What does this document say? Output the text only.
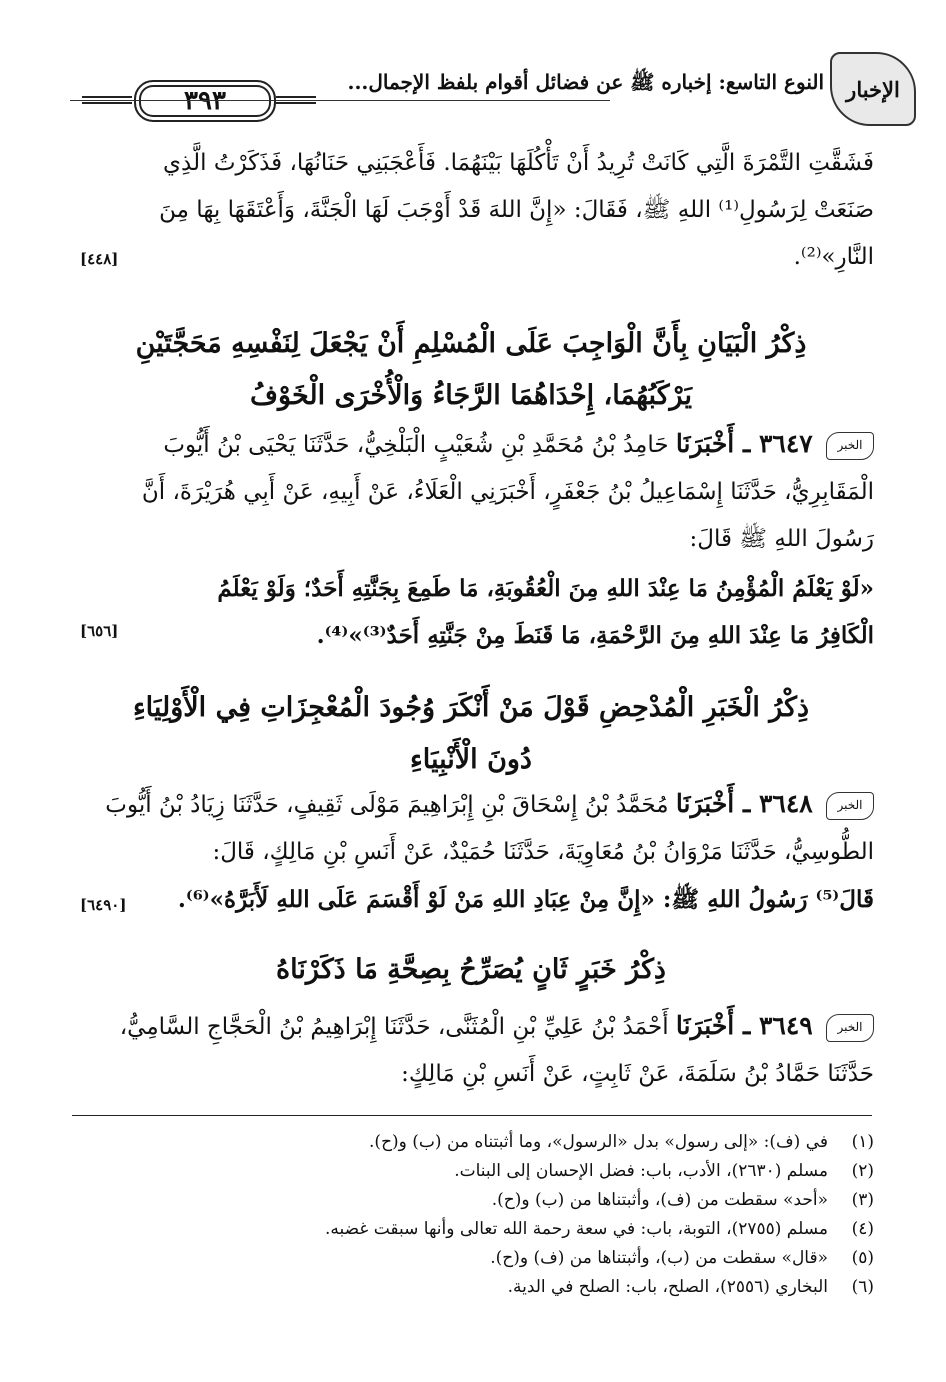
الإخبار
النوع التاسع: إخباره ﷺ عن فضائل أقوام بلفظ الإجمال...
٣٩٣
فَشَقَّتِ التَّمْرَةَ الَّتِي كَانَتْ تُرِيدُ أَنْ تَأْكُلَهَا بَيْنَهُمَا. فَأَعْجَبَنِي حَنَانُهَا، فَذَكَرْتُ الَّذِي
صَنَعَتْ لِرَسُولِ⁽¹⁾ اللهِ ﷺ، فَقَالَ: «إِنَّ اللهَ قَدْ أَوْجَبَ لَهَا الْجَنَّةَ، وَأَعْتَقَهَا بِهَا مِنَ
النَّارِ»⁽²⁾.
[٤٤٨]
ذِكْرُ الْبَيَانِ بِأَنَّ الْوَاجِبَ عَلَى الْمُسْلِمِ أَنْ يَجْعَلَ لِنَفْسِهِ مَحَجَّتَيْنِ
يَرْكَبُهُمَا، إِحْدَاهُمَا الرَّجَاءُ وَالْأُخْرَى الْخَوْفُ
الخبر ٣٦٤٧ ـ أَخْبَرَنَا حَامِدُ بْنُ مُحَمَّدِ بْنِ شُعَيْبٍ الْبَلْخِيُّ، حَدَّثَنَا يَحْيَى بْنُ أَيُّوبَ
الْمَقَابِرِيُّ، حَدَّثَنَا إِسْمَاعِيلُ بْنُ جَعْفَرٍ، أَخْبَرَنِي الْعَلَاءُ، عَنْ أَبِيهِ، عَنْ أَبِي هُرَيْرَةَ، أَنَّ
رَسُولَ اللهِ ﷺ قَالَ:
«لَوْ يَعْلَمُ الْمُؤْمِنُ مَا عِنْدَ اللهِ مِنَ الْعُقُوبَةِ، مَا طَمِعَ بِجَنَّتِهِ أَحَدٌ؛ وَلَوْ يَعْلَمُ
الْكَافِرُ مَا عِنْدَ اللهِ مِنَ الرَّحْمَةِ، مَا قَنَطَ مِنْ جَنَّتِهِ أَحَدٌ⁽³⁾»⁽⁴⁾.
[٦٥٦]
ذِكْرُ الْخَبَرِ الْمُدْحِضِ قَوْلَ مَنْ أَنْكَرَ وُجُودَ الْمُعْجِزَاتِ فِي الْأَوْلِيَاءِ
دُونَ الْأَنْبِيَاءِ
الخبر ٣٦٤٨ ـ أَخْبَرَنَا مُحَمَّدُ بْنُ إِسْحَاقَ بْنِ إِبْرَاهِيمَ مَوْلَى ثَقِيفٍ، حَدَّثَنَا زِيَادُ بْنُ أَيُّوبَ
الطُّوسِيُّ، حَدَّثَنَا مَرْوَانُ بْنُ مُعَاوِيَةَ، حَدَّثَنَا حُمَيْدٌ، عَنْ أَنَسِ بْنِ مَالِكٍ، قَالَ:
قَالَ⁽⁵⁾ رَسُولُ اللهِ ﷺ: «إِنَّ مِنْ عِبَادِ اللهِ مَنْ لَوْ أَقْسَمَ عَلَى اللهِ لَأَبَرَّهُ»⁽⁶⁾.
[٦٤٩٠]
ذِكْرُ خَبَرٍ ثَانٍ يُصَرِّحُ بِصِحَّةِ مَا ذَكَرْنَاهُ
الخبر ٣٦٤٩ ـ أَخْبَرَنَا أَحْمَدُ بْنُ عَلِيِّ بْنِ الْمُثَنَّى، حَدَّثَنَا إِبْرَاهِيمُ بْنُ الْحَجَّاجِ السَّامِيُّ،
حَدَّثَنَا حَمَّادُ بْنُ سَلَمَةَ، عَنْ ثَابِتٍ، عَنْ أَنَسِ بْنِ مَالِكٍ:
(١)
في (ف): «إلى رسول» بدل «الرسول»، وما أثبتناه من (ب) و(ح).
(٢)
مسلم (٢٦٣٠)، الأدب، باب: فضل الإحسان إلى البنات.
(٣)
«أحد» سقطت من (ف)، وأثبتناها من (ب) و(ح).
(٤)
مسلم (٢٧٥٥)، التوبة، باب: في سعة رحمة الله تعالى وأنها سبقت غضبه.
(٥)
«قال» سقطت من (ب)، وأثبتناها من (ف) و(ح).
(٦)
البخاري (٢٥٥٦)، الصلح، باب: الصلح في الدية.
